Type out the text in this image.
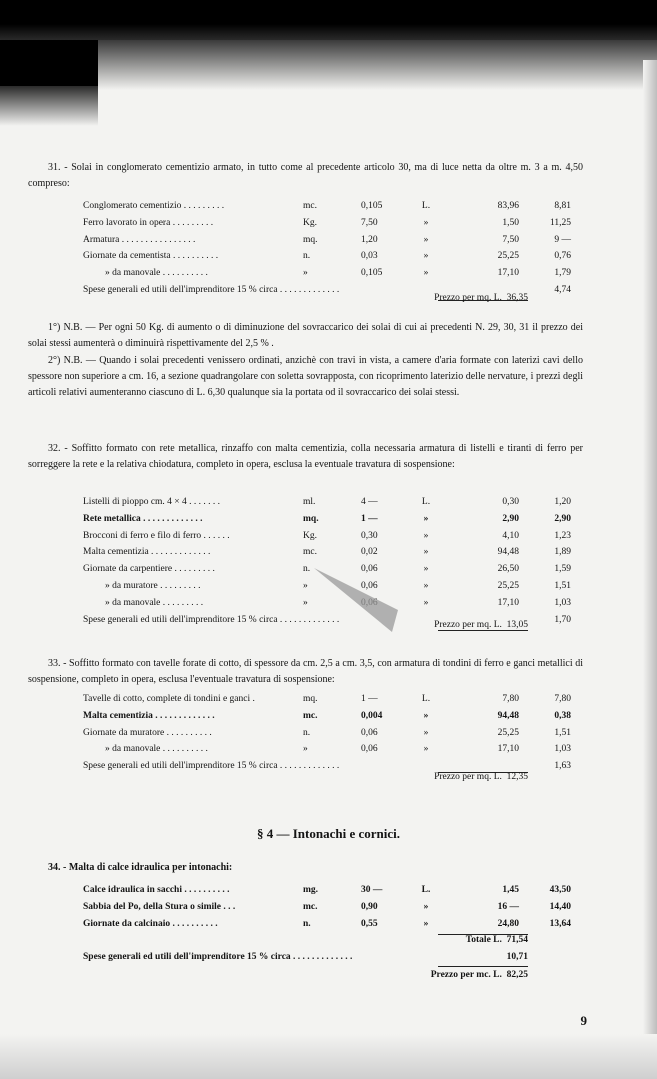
31. - Solai in conglomerato cementizio armato, in tutto come al precedente articolo 30, ma di luce netta da oltre m. 3 a m. 4,50 compreso:

Conglomerato cementizio . . . . . . . . .	mc.	0,105	L.	83,96	8,81
Ferro lavorato in opera . . . . . . . . .	Kg.	7,50	»	1,50	11,25
Armatura . . . . . . . . . . . . . . . .	mq.	1,20	»	7,50	9 —
Giornate da cementista . . . . . . . . . .	n.	0,03	»	25,25	0,76
» da manovale . . . . . . . . . .	»	0,105	»	17,10	1,79
Spese generali ed utili dell'imprenditore 15 % circa . . . . . . . . . . . . .	4,74
Prezzo per mq. L. 36,35

1°) N.B. — Per ogni 50 Kg. di aumento o di diminuzione del sovraccarico dei solai di cui ai precedenti N. 29, 30, 31 il prezzo dei solai stessi aumenterà o diminuirà rispettivamente del 2,5 % .

2°) N.B. — Quando i solai precedenti venissero ordinati, anzichè con travi in vista, a camere d'aria formate con laterizi cavi dello spessore non superiore a cm. 16, a sezione quadrangolare con soletta sovrapposta, con ricoprimento laterizio delle nervature, i prezzi degli articoli relativi aumenteranno ciascuno di L. 6,30 qualunque sia la portata od il sovraccarico dei solai stessi.

32. - Soffitto formato con rete metallica, rinzaffo con malta cementizia, colla necessaria armatura di listelli e tiranti di ferro per sorreggere la rete e la relativa chiodatura, completo in opera, esclusa la eventuale travatura di sospensione:

Listelli di pioppo cm. 4 × 4 . . . . . . .	ml.	4 —	L.	0,30	1,20
Rete metallica . . . . . . . . . . . . .	mq.	1 —	»	2,90	2,90
Brocconi di ferro e filo di ferro . . . . . .	Kg.	0,30	»	4,10	1,23
Malta cementizia . . . . . . . . . . . . .	mc.	0,02	»	94,48	1,89
Giornate da carpentiere . . . . . . . . .	n.	0,06	»	26,50	1,59
» da muratore . . . . . . . . .	»	0,06	»	25,25	1,51
» da manovale . . . . . . . . .	»	»	17,10	1,03
Spese generali ed utili dell'imprenditore 15 % circa . . . . . . . . . . . . .	1,70
Prezzo per mq. L. 13,05

33. - Soffitto formato con tavelle forate di cotto, di spessore da cm. 2,5 a cm. 3,5, con armatura di tondini di ferro e ganci metallici di sospensione, completo in opera, esclusa l'eventuale travatura di sospensione:

Tavelle di cotto, complete di tondini e ganci .	mq.	1 —	L.	7,80	7,80
Malta cementizia . . . . . . . . . . . . .	mc.	0,004	»	94,48	0,38
Giornate da muratore . . . . . . . . . .	n.	0,06	»	25,25	1,51
» da manovale . . . . . . . . . .	»	0,06	»	17,10	1,03
Spese generali ed utili dell'imprenditore 15 % circa . . . . . . . . . . . . .	1,63
Prezzo per mq. L. 12,35
§ 4 — Intonachi e cornici.

34. - Malta di calce idraulica per intonachi:

Calce idraulica in sacchi . . . . . . . . . .	mg.	30 —	L.	1,45	43,50
Sabbia del Po, della Stura o simile . . .	mc.	0,90	»	16 —	14,40
Giornate da calcinaio . . . . . . . . . .	n.	0,55	»	24,80	13,64
Totale L. 71,54
Spese generali ed utili dell'imprenditore 15 % circa . . . . . . . . . . . . .	10,71
Prezzo per mc. L. 82,25
9
